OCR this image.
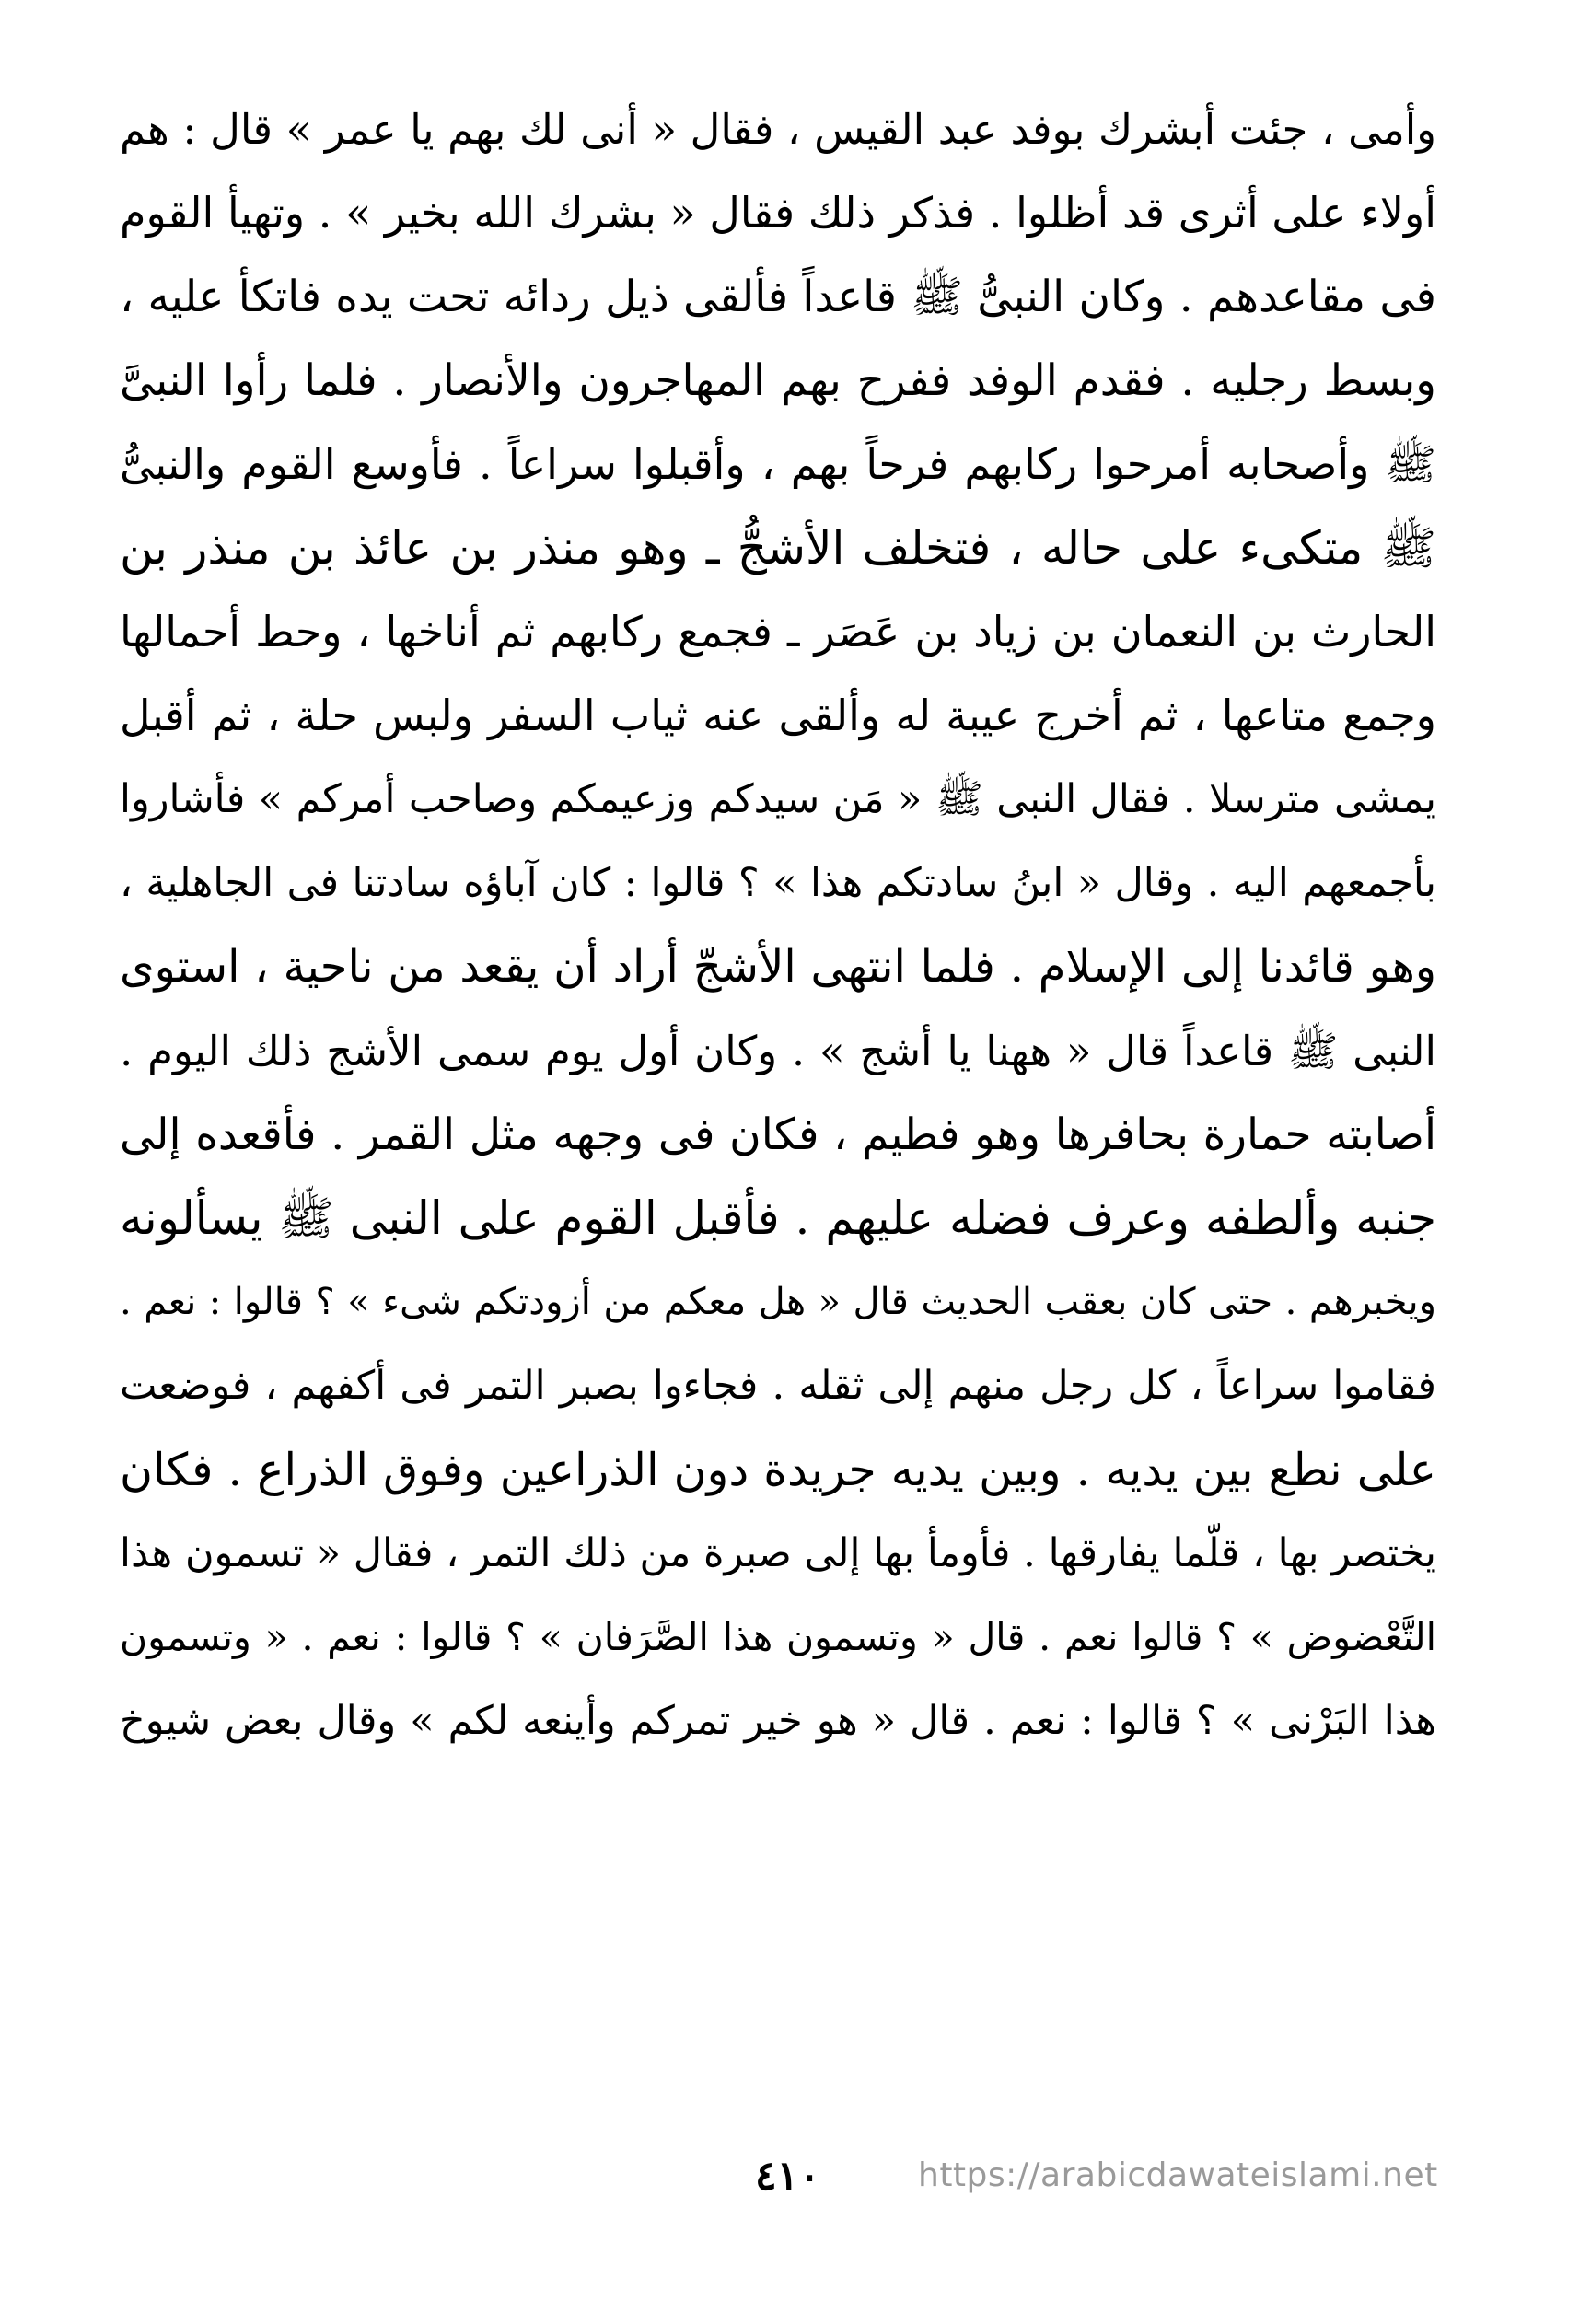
وأمى ، جئت أبشرك بوفد عبد القيس ، فقال « أنى لك بهم يا عمر » قال : هم
أولاء على أثرى قد أظلوا . فذكر ذلك فقال « بشرك الله بخير » . وتهيأ القوم
فى مقاعدهم . وكان النبىُّ ﷺ قاعداً فألقى ذيل ردائه تحت يده فاتكأ عليه ،
وبسط رجليه . فقدم الوفد ففرح بهم المهاجرون والأنصار . فلما رأوا النبىَّ
ﷺ وأصحابه أمرحوا ركابهم فرحاً بهم ، وأقبلوا سراعاً . فأوسع القوم والنبىُّ
ﷺ متكىء على حاله ، فتخلف الأشجُّ ـ وهو منذر بن عائذ بن منذر بن
الحارث بن النعمان بن زياد بن عَصَر ـ فجمع ركابهم ثم أناخها ، وحط أحمالها
وجمع متاعها ، ثم أخرج عيبة له وألقى عنه ثياب السفر ولبس حلة ، ثم أقبل
يمشى مترسلا . فقال النبى ﷺ « مَن سيدكم وزعيمكم وصاحب أمركم » فأشاروا
بأجمعهم اليه . وقال « ابنُ سادتكم هذا » ؟ قالوا : كان آباؤه سادتنا فى الجاهلية ،
وهو قائدنا إلى الإسلام . فلما انتهى الأشجّ أراد أن يقعد من ناحية ، استوى
النبى ﷺ قاعداً قال « ههنا يا أشج » . وكان أول يوم سمى الأشج ذلك اليوم .
أصابته حمارة بحافرها وهو فطيم ، فكان فى وجهه مثل القمر . فأقعده إلى
جنبه وألطفه وعرف فضله عليهم . فأقبل القوم على النبى ﷺ يسألونه
ويخبرهم . حتى كان بعقب الحديث قال « هل معكم من أزودتكم شىء » ؟ قالوا : نعم .
فقاموا سراعاً ، كل رجل منهم إلى ثقله . فجاءوا بصبر التمر فى أكفهم ، فوضعت
على نطع بين يديه . وبين يديه جريدة دون الذراعين وفوق الذراع . فكان
يختصر بها ، قلّما يفارقها . فأومأ بها إلى صبرة من ذلك التمر ، فقال « تسمون هذا
التَّعْضوض » ؟ قالوا نعم . قال « وتسمون هذا الصَّرَفان » ؟ قالوا : نعم . « وتسمون
هذا البَرْنى » ؟ قالوا : نعم . قال « هو خير تمركم وأينعه لكم » وقال بعض شيوخ
٤١٠	https://arabicdawateislami.net
